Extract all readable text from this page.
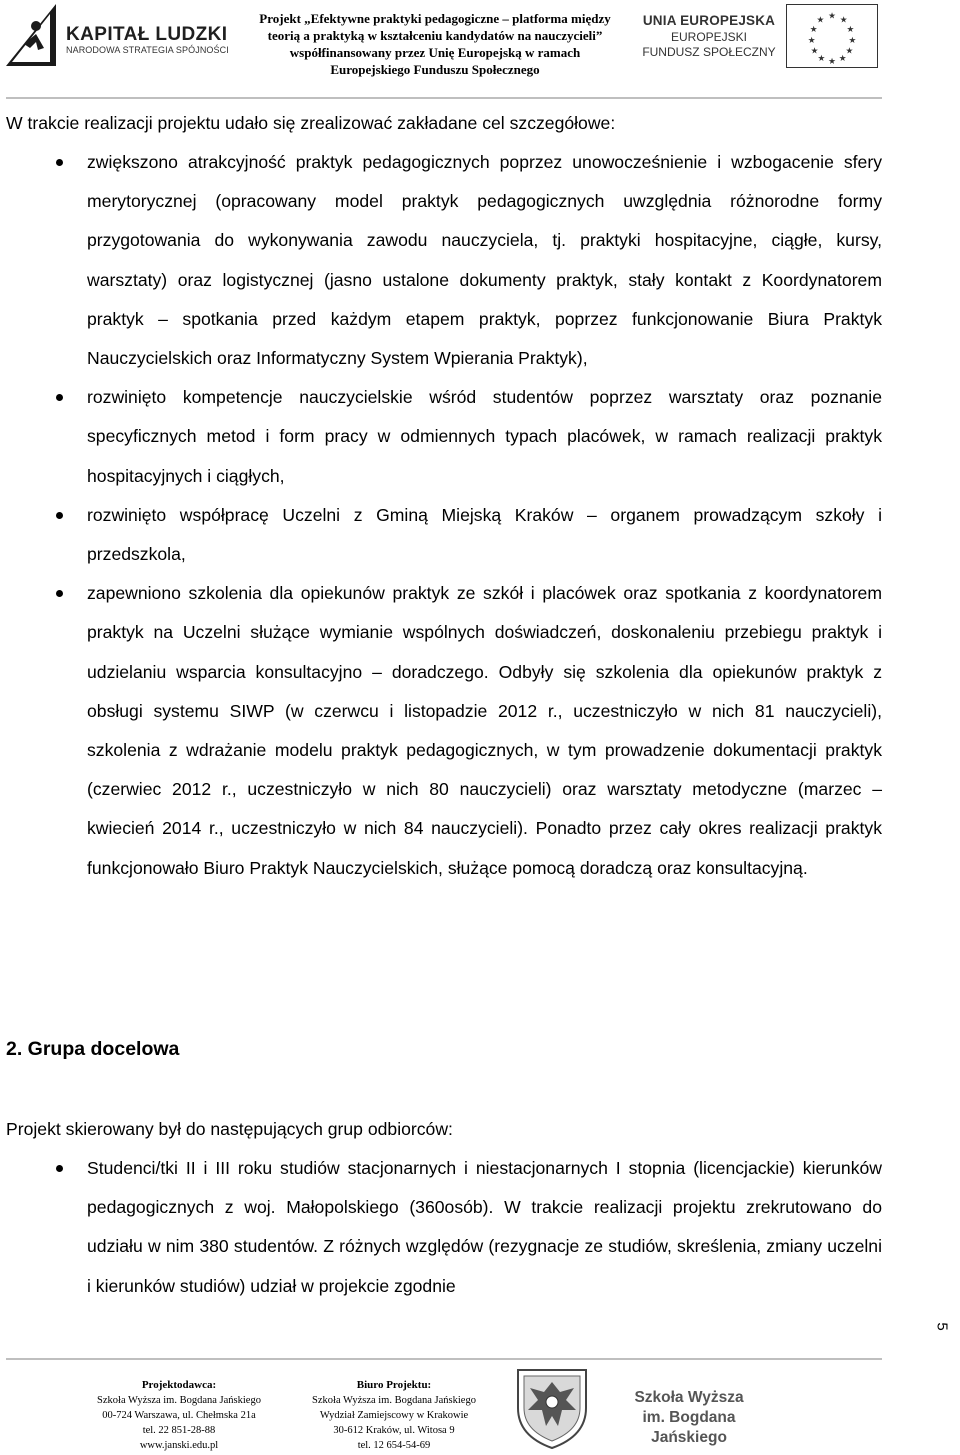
KAPITAŁ LUDZKI
NARODOWA STRATEGIA SPÓJNOŚCI
Projekt „Efektywne praktyki pedagogiczne – platforma między
teorią a praktyką w kształceniu kandydatów na nauczycieli”
współfinansowany przez Unię Europejską w ramach
Europejskiego Funduszu Społecznego
UNIA EUROPEJSKA
EUROPEJSKI
FUNDUSZ SPOŁECZNY
★ ★
★
★
★
★
★
★
★
★
★
★

W trakcie realizacji projektu udało się zrealizować zakładane cel szczegółowe:

zwiększono atrakcyjność praktyk pedagogicznych poprzez unowocześnienie i wzbogacenie sfery merytorycznej (opracowany model praktyk pedagogicznych uwzględnia różnorodne formy przygotowania do wykonywania zawodu nauczyciela, tj. praktyki hospitacyjne, ciągłe, kursy, warsztaty) oraz logistycznej (jasno ustalone dokumenty praktyk, stały kontakt z Koordynatorem praktyk – spotkania przed każdym etapem praktyk, poprzez funkcjonowanie Biura Praktyk Nauczycielskich oraz Informatyczny System Wpierania Praktyk),
rozwinięto kompetencje nauczycielskie wśród studentów poprzez warsztaty oraz poznanie specyficznych metod i form pracy w odmiennych typach placówek, w ramach realizacji praktyk hospitacyjnych i ciągłych,
rozwinięto współpracę Uczelni z Gminą Miejską Kraków – organem prowadzącym szkoły i przedszkola,
zapewniono szkolenia dla opiekunów praktyk ze szkół i placówek oraz spotkania z koordynatorem praktyk na Uczelni służące wymianie wspólnych doświadczeń, doskonaleniu przebiegu praktyk i udzielaniu wsparcia konsultacyjno – doradczego. Odbyły się szkolenia dla opiekunów praktyk z obsługi systemu SIWP (w czerwcu i listopadzie 2012 r., uczestniczyło w nich 81 nauczycieli), szkolenia z wdrażanie modelu praktyk pedagogicznych, w tym prowadzenie dokumentacji praktyk (czerwiec 2012 r., uczestniczyło w nich 80 nauczycieli) oraz warsztaty metodyczne (marzec – kwiecień 2014 r., uczestniczyło w nich 84 nauczycieli). Ponadto przez cały okres realizacji praktyk funkcjonowało Biuro Praktyk Nauczycielskich, służące pomocą doradczą oraz konsultacyjną.
2. Grupa docelowa

Projekt skierowany był do następujących grup odbiorców:

Studenci/tki II i III roku studiów stacjonarnych i niestacjonarnych I stopnia (licencjackie) kierunków pedagogicznych z woj. Małopolskiego (360osób). W trakcie realizacji projektu zrekrutowano do udziału w nim 380 studentów. Z różnych względów (rezygnacje ze studiów, skreślenia, zmiany uczelni i kierunków studiów) udział w projekcie zgodnie
5
Projektodawca:
Szkoła Wyższa im. Bogdana Jańskiego
00-724 Warszawa, ul. Chełmska 21a
tel. 22 851-28-88
www.janski.edu.pl
Biuro Projektu:
Szkoła Wyższa im. Bogdana Jańskiego
Wydział Zamiejscowy w Krakowie
30-612 Kraków, ul. Witosa 9
tel. 12 654-54-69
Szkoła Wyższa
im. Bogdana Jańskiego
